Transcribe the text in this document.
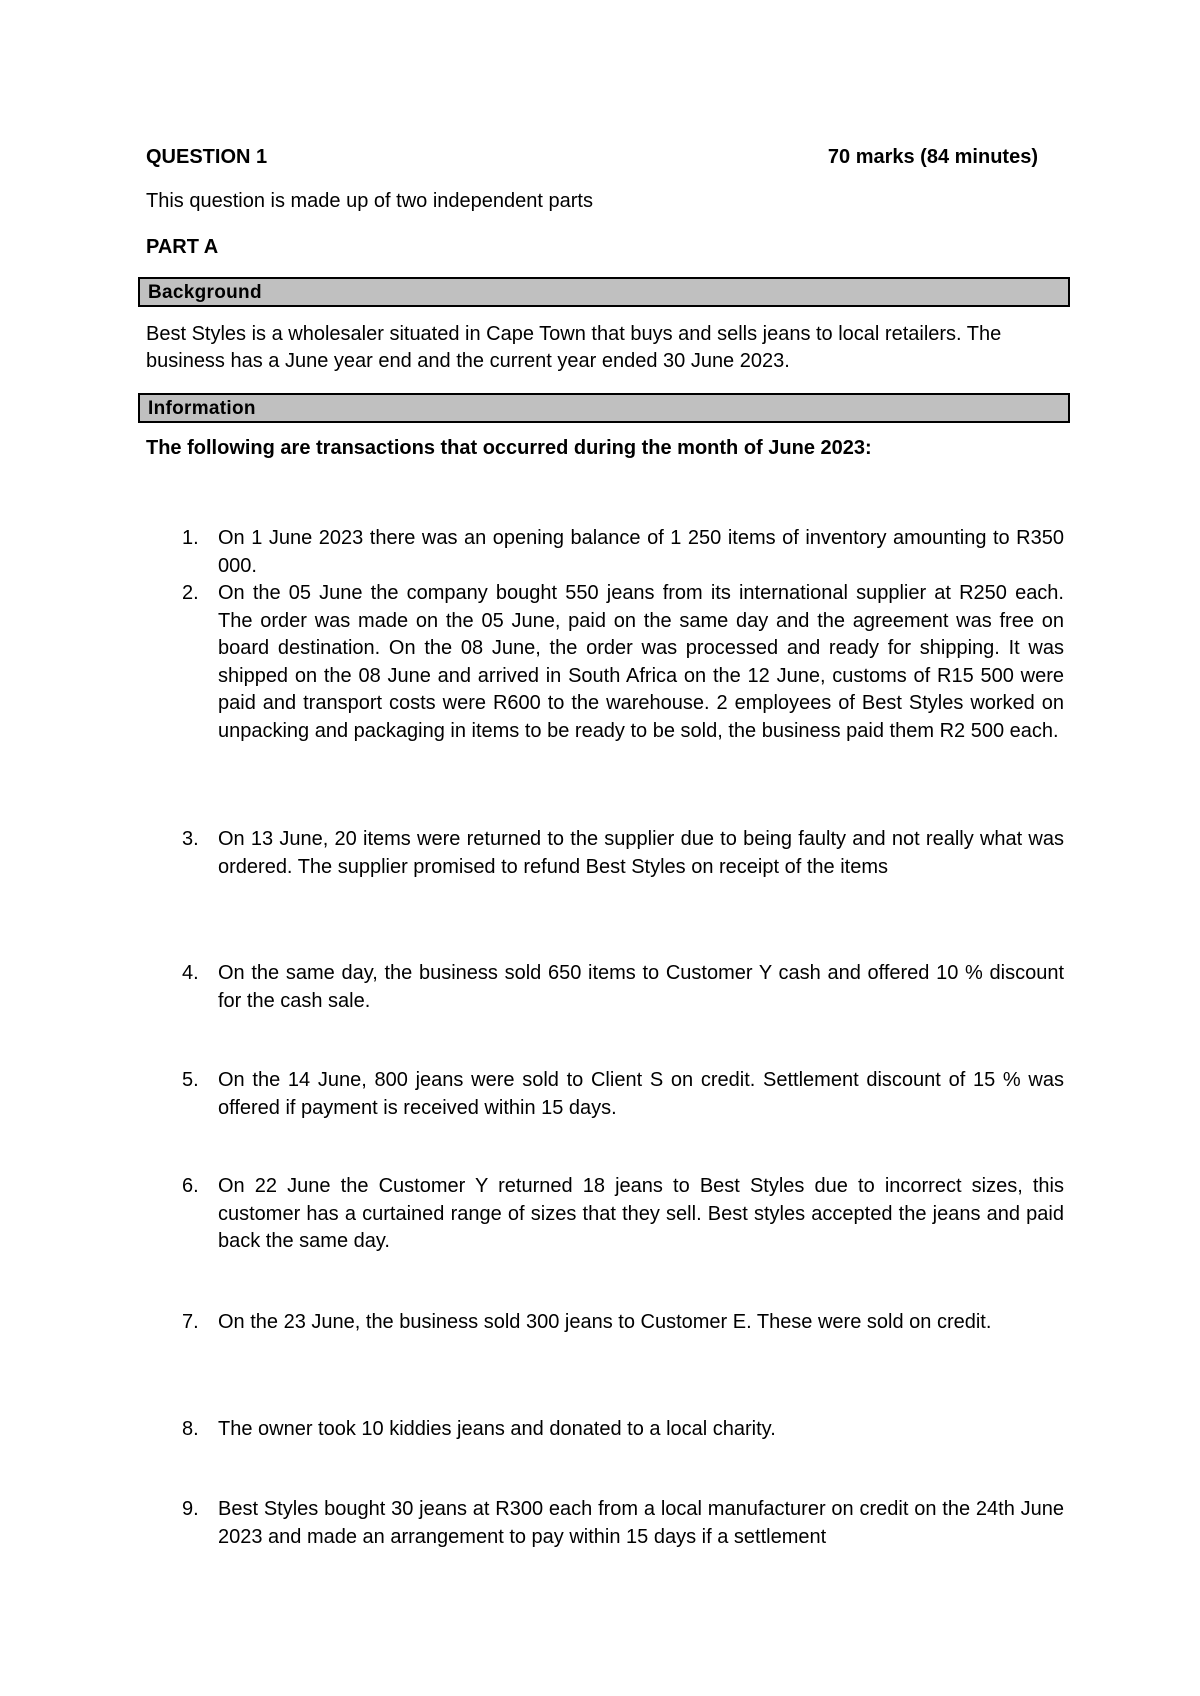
QUESTION 1	70 marks (84 minutes)
This question is made up of two independent parts
PART A
Background
Best Styles is a wholesaler situated in Cape Town that buys and sells jeans to local retailers. The business has a June year end and the current year ended 30 June 2023.
Information
The following are transactions that occurred during the month of June 2023:
1. On 1 June 2023 there was an opening balance of 1 250 items of inventory amounting to R350 000.
2. On the 05 June the company bought 550 jeans from its international supplier at R250 each. The order was made on the 05 June, paid on the same day and the agreement was free on board destination. On the 08 June, the order was processed and ready for shipping. It was shipped on the 08 June and arrived in South Africa on the 12 June, customs of R15 500 were paid and transport costs were R600 to the warehouse. 2 employees of Best Styles worked on unpacking and packaging in items to be ready to be sold, the business paid them R2 500 each.
3. On 13 June, 20 items were returned to the supplier due to being faulty and not really what was ordered. The supplier promised to refund Best Styles on receipt of the items
4. On the same day, the business sold 650 items to Customer Y cash and offered 10 % discount for the cash sale.
5. On the 14 June, 800 jeans were sold to Client S on credit. Settlement discount of 15 % was offered if payment is received within 15 days.
6. On 22 June the Customer Y returned 18 jeans to Best Styles due to incorrect sizes, this customer has a curtained range of sizes that they sell. Best styles accepted the jeans and paid back the same day.
7. On the 23 June, the business sold 300 jeans to Customer E. These were sold on credit.
8. The owner took 10 kiddies jeans and donated to a local charity.
9. Best Styles bought 30 jeans at R300 each from a local manufacturer on credit on the 24th June 2023 and made an arrangement to pay within 15 days if a settlement
